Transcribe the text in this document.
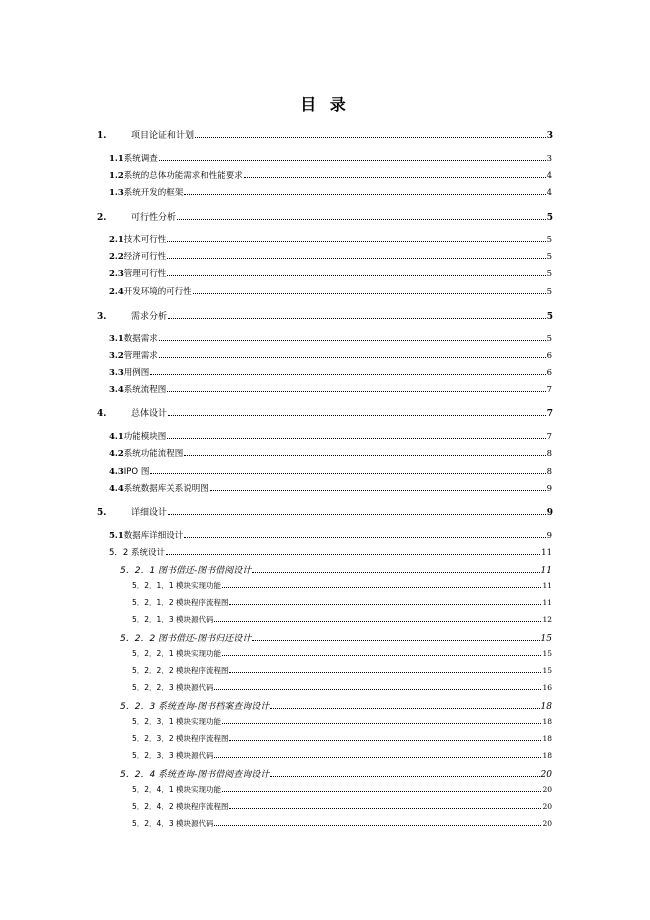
目 录
1.	项目论证和计划	3
1.1 系统调查	3
1.2 系统的总体功能需求和性能要求	4
1.3 系统开发的框架	4
2.	可行性分析	5
2.1 技术可行性	5
2.2 经济可行性	5
2.3 管理可行性	5
2.4 开发环境的可行性	5
3.	需求分析	5
3.1 数据需求	5
3.2 管理需求	6
3.3 用例图	6
3.4 系统流程图	7
4.	总体设计	7
4.1 功能模块图	7
4.2 系统功能流程图	8
4.3 IPO 图	8
4.4 系统数据库关系说明图	9
5.	详细设计	9
5.1 数据库详细设计	9
5．2 系统设计	11
5．2．1 图书借还-图书借阅设计	11
5．2．1．1 模块实现功能	11
5．2．1．2 模块程序流程图	11
5．2．1．3 模块源代码	12
5．2．2 图书借还-图书归还设计	15
5．2．2．1 模块实现功能	15
5．2．2．2 模块程序流程图	15
5．2．2．3 模块源代码	16
5．2．3 系统查询-图书档案查询设计	18
5．2．3．1 模块实现功能	18
5．2．3．2 模块程序流程图	18
5．2．3．3 模块源代码	18
5．2．4 系统查询-图书借阅查询设计	20
5．2．4．1 模块实现功能	20
5．2．4．2 模块程序流程图	20
5．2．4．3 模块源代码	20
